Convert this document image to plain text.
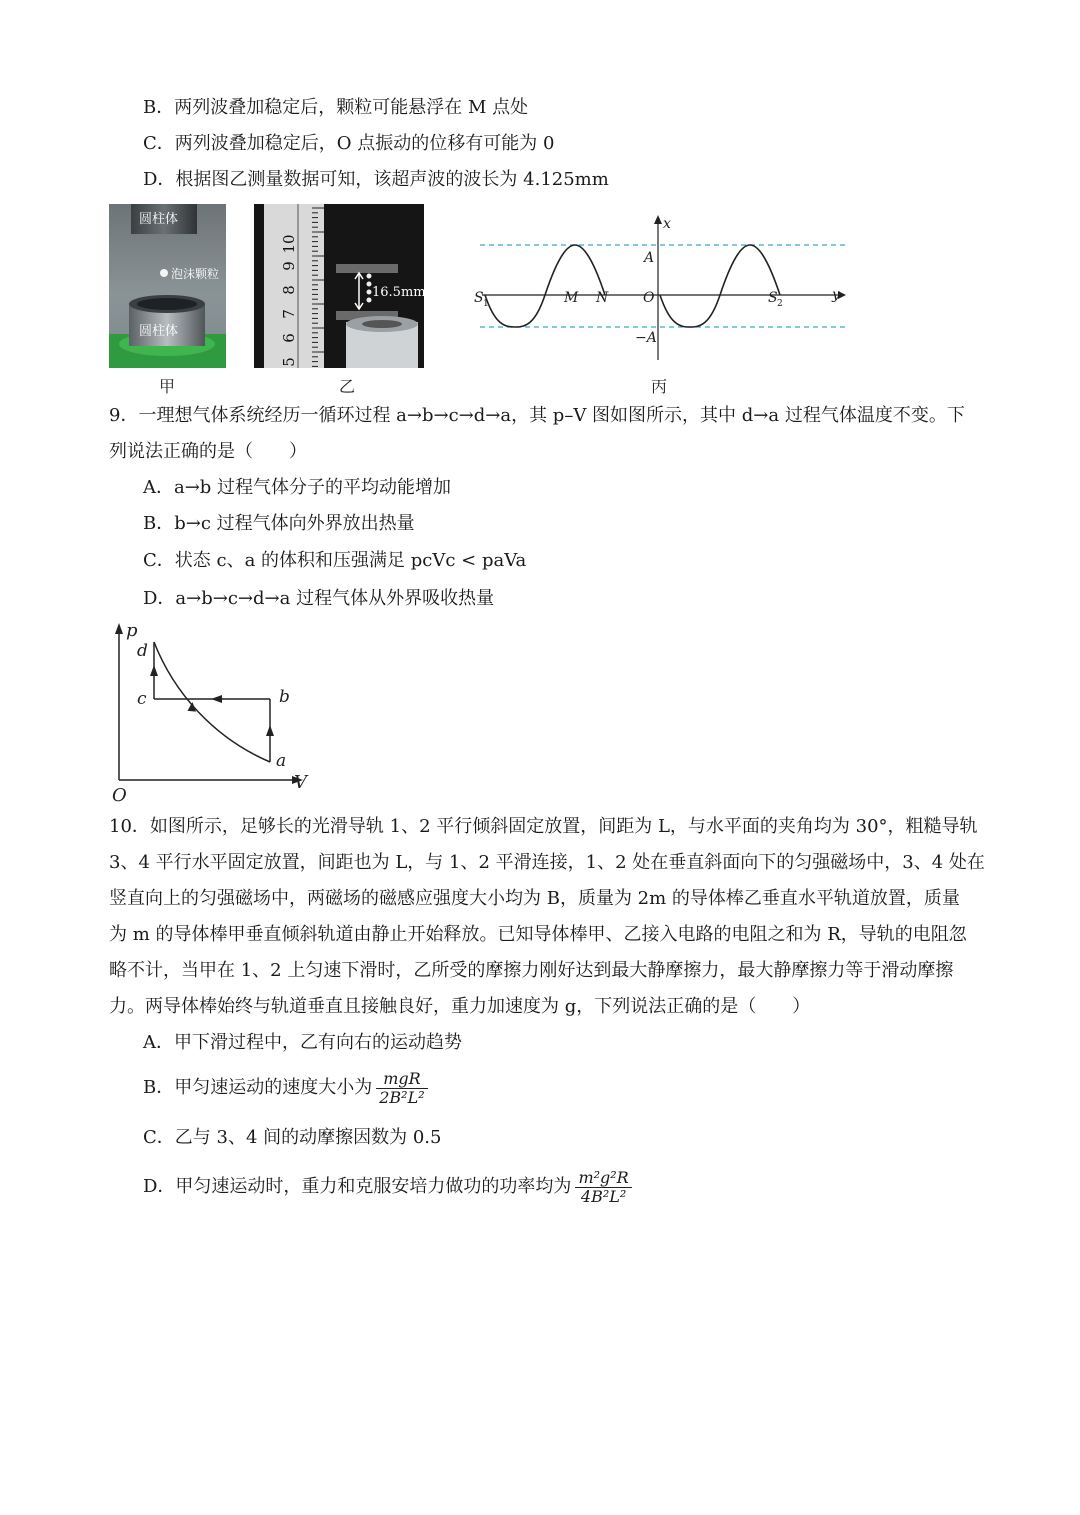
B．两列波叠加稳定后，颗粒可能悬浮在 M 点处
C．两列波叠加稳定后，O 点振动的位移有可能为 0
D．根据图乙测量数据可知，该超声波的波长为 4.125mm
圆柱体
泡沫颗粒
圆柱体
甲
10
9
8
7
6
5
16.5mm
乙
x
y
A
−A
O
M N
S 1	S 2
丙
9．一理想气体系统经历一循环过程 a→b→c→d→a，其 p–V 图如图所示，其中 d→a 过程气体温度不变。下
列说法正确的是（　　）
A．a→b 过程气体分子的平均动能增加
B．b→c 过程气体向外界放出热量
C．状态 c、a 的体积和压强满足 pcVc < paVa
D．a→b→c→d→a 过程气体从外界吸收热量
p
V
O
a
b
c
d
10．如图所示，足够长的光滑导轨 1、2 平行倾斜固定放置，间距为 L，与水平面的夹角均为 30°，粗糙导轨
3、4 平行水平固定放置，间距也为 L，与 1、2 平滑连接，1、2 处在垂直斜面向下的匀强磁场中，3、4 处在
竖直向上的匀强磁场中，两磁场的磁感应强度大小均为 B，质量为 2m 的导体棒乙垂直水平轨道放置，质量
为 m 的导体棒甲垂直倾斜轨道由静止开始释放。已知导体棒甲、乙接入电路的电阻之和为 R，导轨的电阻忽
略不计，当甲在 1、2 上匀速下滑时，乙所受的摩擦力刚好达到最大静摩擦力，最大静摩擦力等于滑动摩擦
力。两导体棒始终与轨道垂直且接触良好，重力加速度为 g，下列说法正确的是（　　）
A．甲下滑过程中，乙有向右的运动趋势
B．甲匀速运动的速度大小为 $\frac{\text{mgR}}{\text{2B²L²}}$
C．乙与 3、4 间的动摩擦因数为 0.5
D．甲匀速运动时，重力和克服安培力做功的功率均为 $\frac{\text{m²g²R}}{\text{4B²L²}}$
